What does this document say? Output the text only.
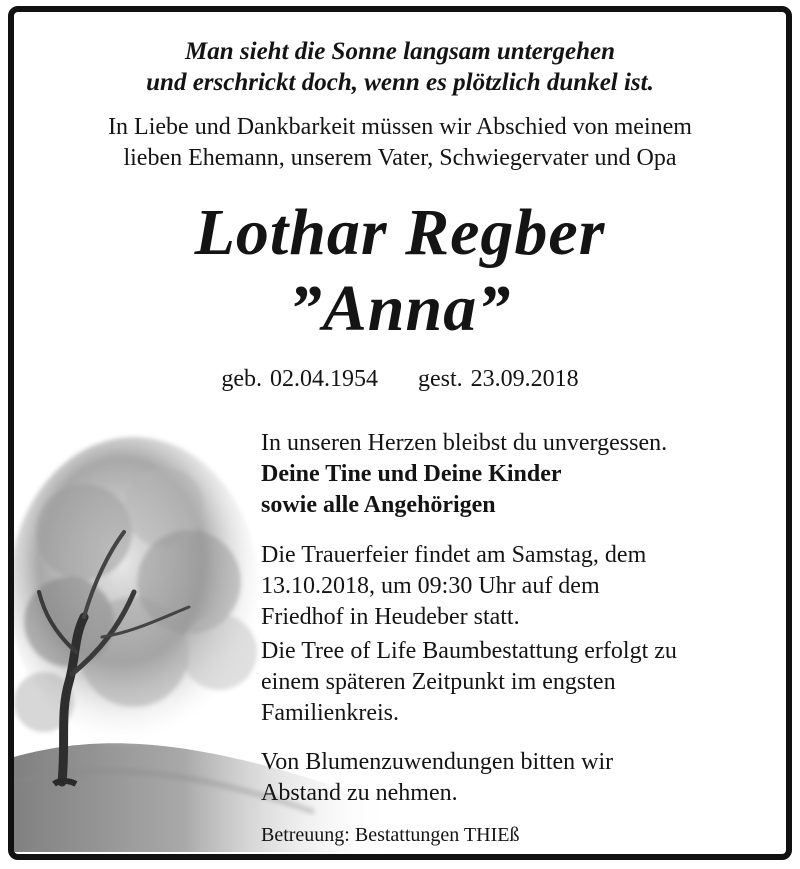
Man sieht die Sonne langsam untergehen
und erschrickt doch, wenn es plötzlich dunkel ist.
In Liebe und Dankbarkeit müssen wir Abschied von meinem
lieben Ehemann, unserem Vater, Schwiegervater und Opa
Lothar Regber
”Anna”
geb. 02.04.1954 gest. 23.09.2018
In unseren Herzen bleibst du unvergessen.
Deine Tine und Deine Kinder
sowie alle Angehörigen
Die Trauerfeier findet am Samstag, dem
13.10.2018, um 09:30 Uhr auf dem
Friedhof in Heudeber statt.
Die Tree of Life Baumbestattung erfolgt zu
einem späteren Zeitpunkt im engsten
Familienkreis.
Von Blumenzuwendungen bitten wir
Abstand zu nehmen.
Betreuung: Bestattungen THIEß
